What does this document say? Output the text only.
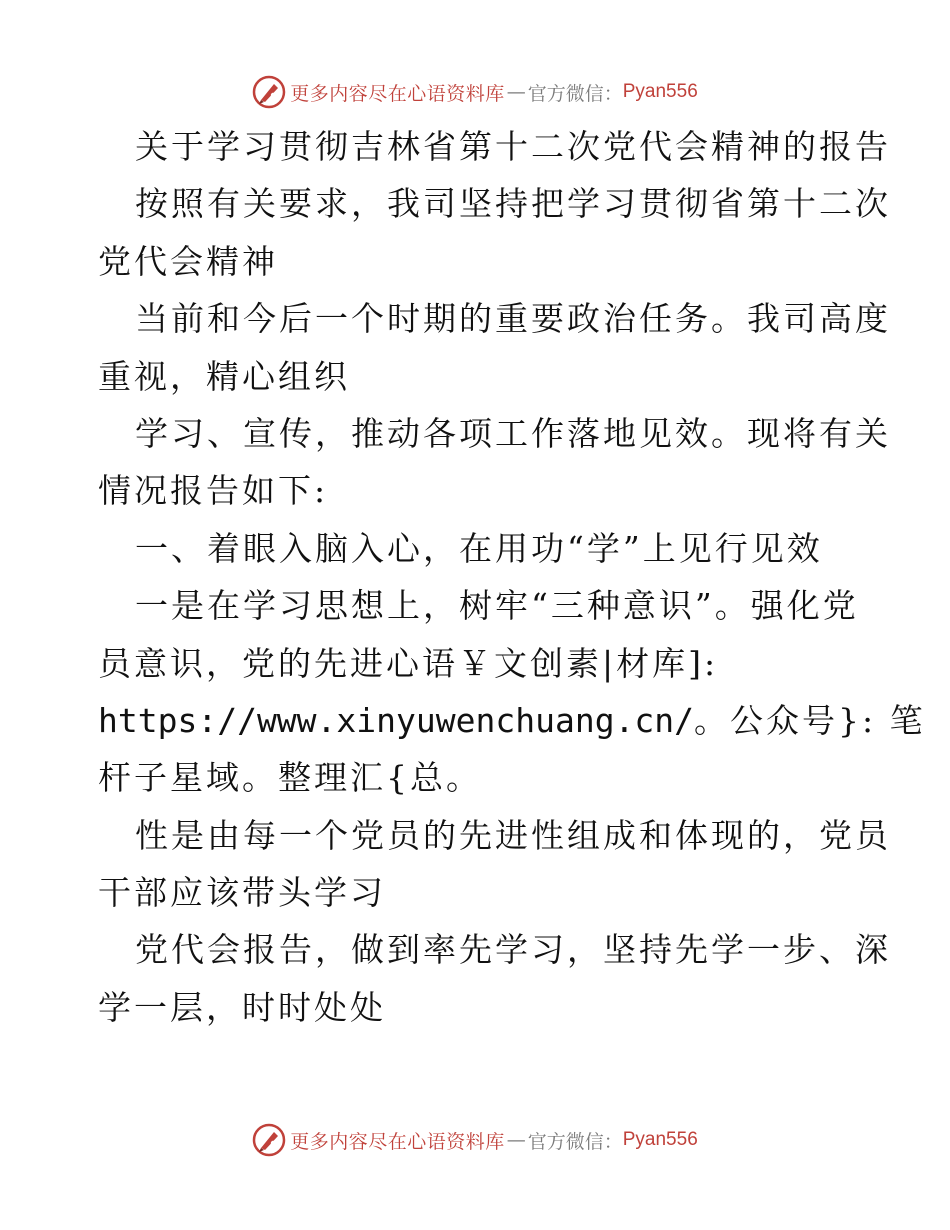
更多内容尽在心语资料库 — 官方微信： Pyan556
关于学习贯彻吉林省第十二次党代会精神的报告
按照有关要求，我司坚持把学习贯彻省第十二次
党代会精神
当前和今后一个时期的重要政治任务。我司高度
重视，精心组织
学习、宣传，推动各项工作落地见效。现将有关
情况报告如下:
一、着眼入脑入心，在用功“学”上见行见效
一是在学习思想上，树牢“三种意识”。强化党
员意识，党的先进心语￥文创素|材库]:
https://www.xinyuwenchuang.cn/。公众号}: 笔
杆子星域。整理汇{总。
性是由每一个党员的先进性组成和体现的，党员
干部应该带头学习
党代会报告，做到率先学习，坚持先学一步、深
学一层，时时处处
更多内容尽在心语资料库 — 官方微信： Pyan556
